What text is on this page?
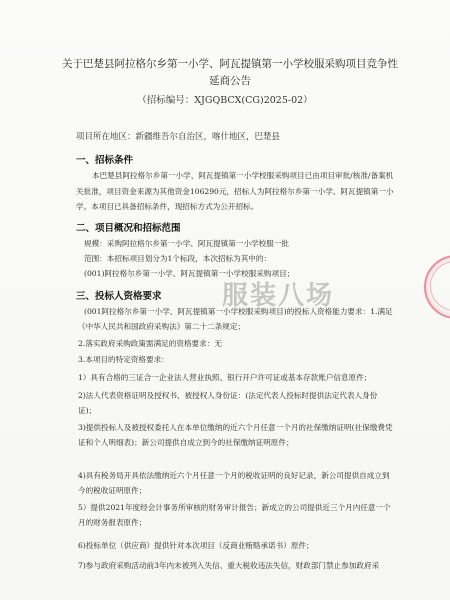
关于巴楚县阿拉格尔乡第一小学、阿瓦提镇第一小学校服采购项目竞争性延商公告
（招标编号：XJGQBCX(CG)2025-02）
项目所在地区：新疆维吾尔自治区，喀什地区，巴楚县
一、招标条件
本巴楚县阿拉格尔乡第一小学、阿瓦提镇第一小学校服采购项目已由项目审批/核准/备案机关批准，项目资金来源为其他资金106290元，招标人为阿拉格尔乡第一小学、阿瓦提镇第一小学。本项目已具备招标条件，现招标方式为公开招标。
二、项目概况和招标范围
规模：采购阿拉格尔乡第一小学、阿瓦提镇第一小学校服一批
范围：本招标项目划分为1个标段，本次招标为其中的：
(001)阿拉格尔乡第一小学、阿瓦提镇第一小学校服采购项目；
三、投标人资格要求
(001阿拉格尔乡第一小学、阿瓦提镇第一小学校服采购项目)的投标人资格能力要求：1.满足《中华人民共和国政府采购法》第二十二条规定；
2.落实政府采购政策需满足的资格要求：无
3.本项目的特定资格要求：
1）具有合格的三证合一企业法人营业执照、银行开户许可证或基本存款账户信息原件；
2)法人代表资格证明及授权书、被授权人身份证：(法定代表人投标时提供法定代表人身份证)；
3)提供投标人及被授权委托人在本单位缴纳的近六个月任意一个月的社保缴纳证明(社保缴费凭证和个人明细表)；新公司提供自成立到今的社保缴纳证明原件；
4)具有税务局开具依法缴纳近六个月任意一个月的税收证明的良好记录，新公司提供自成立到今的税收证明原件；
5）提供2021年度经会计事务所审核的财务审计报告；新成立的公司提供近三个月内任意一个月的财务报表原件；
6)投标单位（供应商）提供针对本次项目（反商业贿赂承诺书）原件；
7)参与政府采购活动前3年内未被列入失信、重大税收违法失信，财政部门禁止参加政府采
服装八场
